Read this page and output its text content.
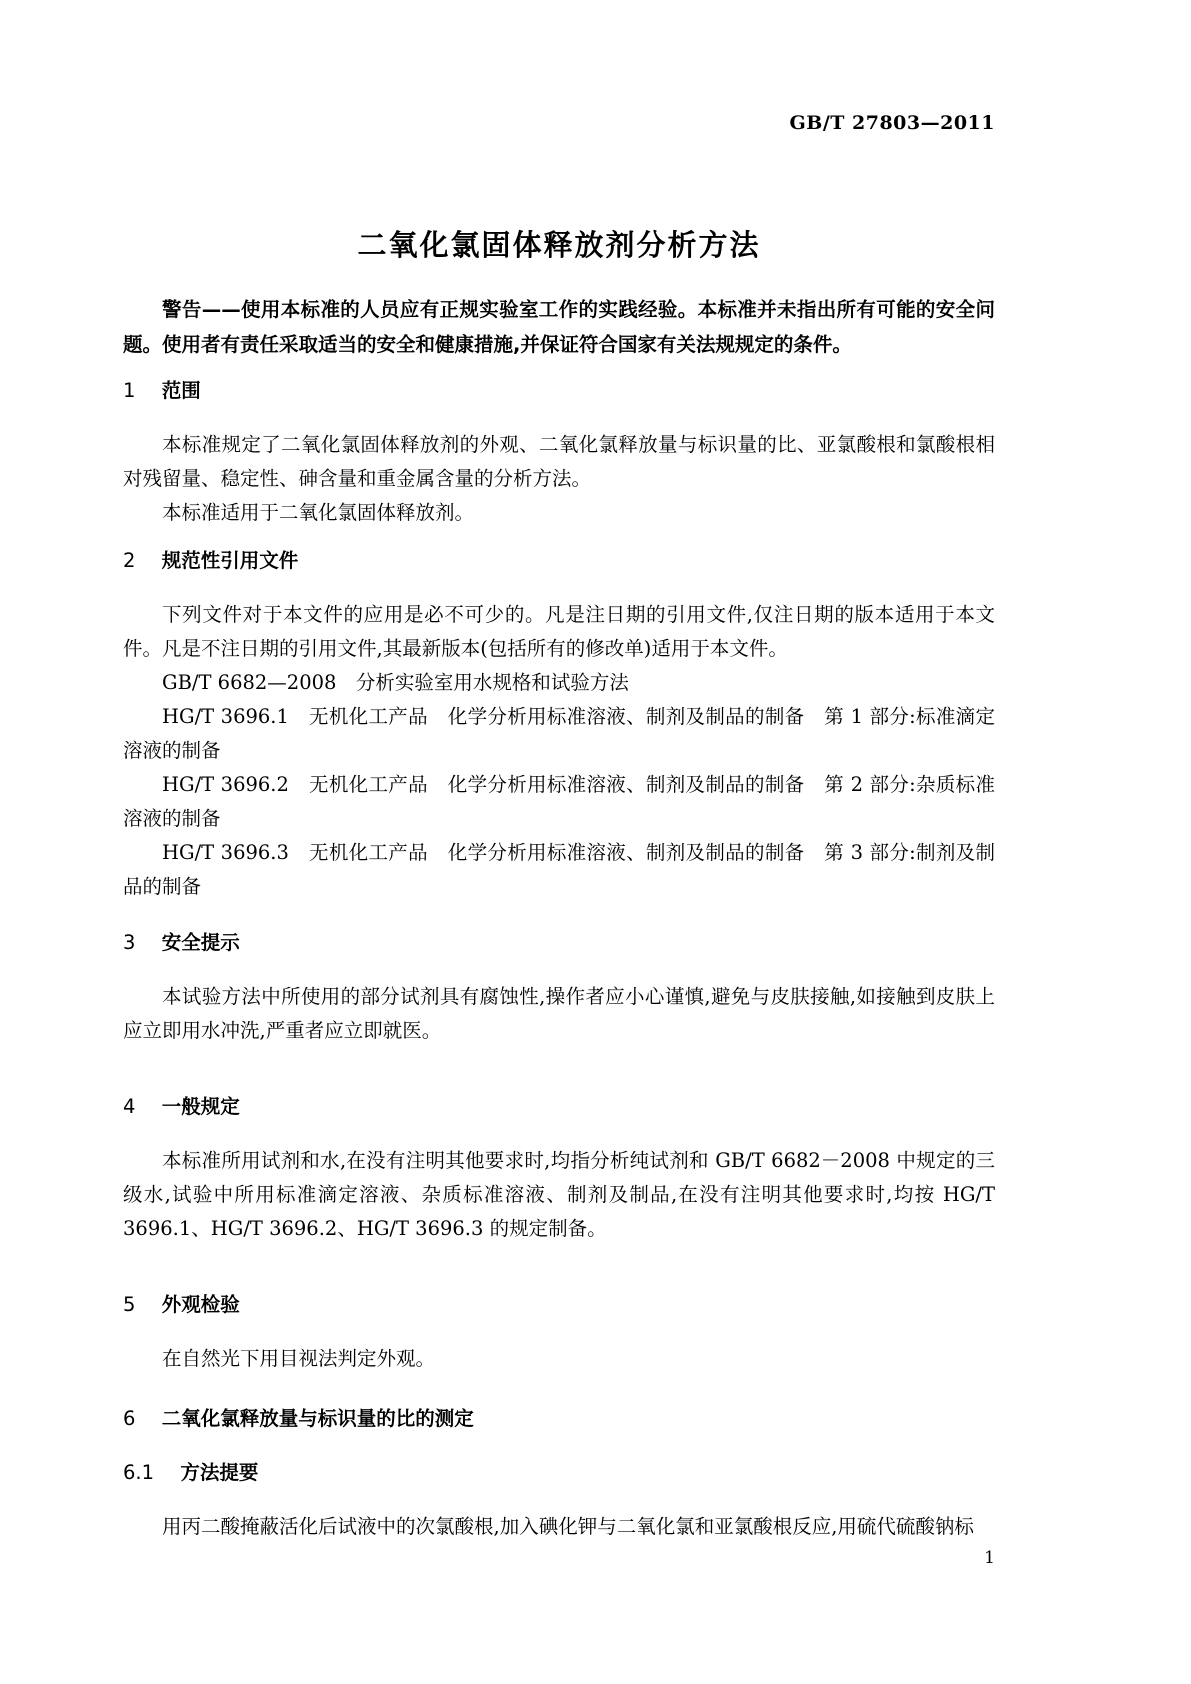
GB/T 27803—2011
二氧化氯固体释放剂分析方法
警告——使用本标准的人员应有正规实验室工作的实践经验。本标准并未指出所有可能的安全问题。使用者有责任采取适当的安全和健康措施,并保证符合国家有关法规规定的条件。
1　 范围
本标准规定了二氧化氯固体释放剂的外观、二氧化氯释放量与标识量的比、亚氯酸根和氯酸根相对残留量、稳定性、砷含量和重金属含量的分析方法。
本标准适用于二氧化氯固体释放剂。
2　 规范性引用文件
下列文件对于本文件的应用是必不可少的。凡是注日期的引用文件,仅注日期的版本适用于本文件。凡是不注日期的引用文件,其最新版本(包括所有的修改单)适用于本文件。
GB/T 6682—2008　分析实验室用水规格和试验方法
HG/T 3696.1　无机化工产品　化学分析用标准溶液、制剂及制品的制备　第 1 部分:标准滴定溶液的制备
HG/T 3696.2　无机化工产品　化学分析用标准溶液、制剂及制品的制备　第 2 部分:杂质标准溶液的制备
HG/T 3696.3　无机化工产品　化学分析用标准溶液、制剂及制品的制备　第 3 部分:制剂及制品的制备
3　 安全提示
本试验方法中所使用的部分试剂具有腐蚀性,操作者应小心谨慎,避免与皮肤接触,如接触到皮肤上应立即用水冲洗,严重者应立即就医。
4　 一般规定
本标准所用试剂和水,在没有注明其他要求时,均指分析纯试剂和 GB/T 6682－2008 中规定的三级水,试验中所用标准滴定溶液、杂质标准溶液、制剂及制品,在没有注明其他要求时,均按 HG/T 3696.1、HG/T 3696.2、HG/T 3696.3 的规定制备。
5　 外观检验
在自然光下用目视法判定外观。
6　 二氧化氯释放量与标识量的比的测定
6.1　 方法提要
用丙二酸掩蔽活化后试液中的次氯酸根,加入碘化钾与二氧化氯和亚氯酸根反应,用硫代硫酸钠标
1
